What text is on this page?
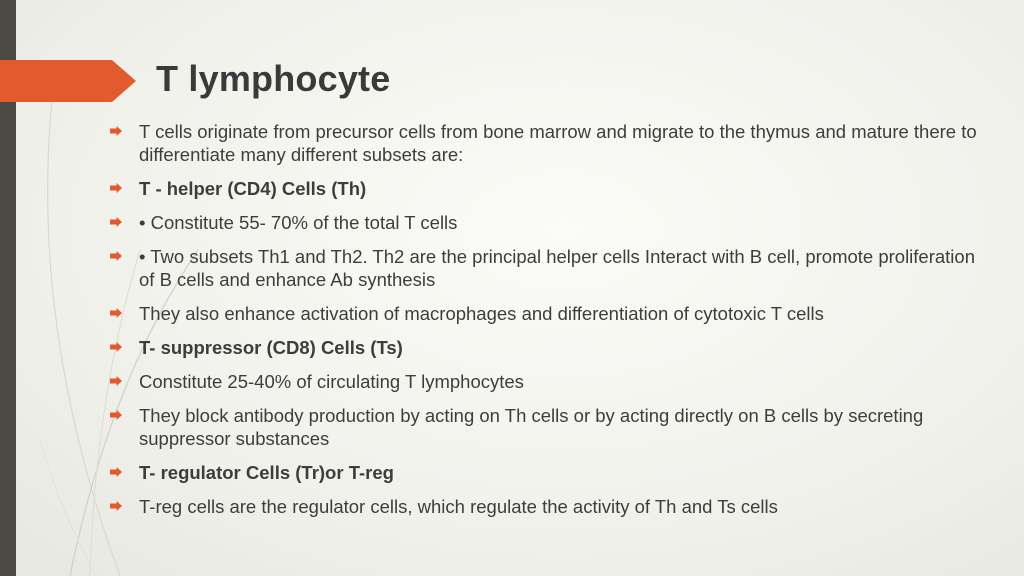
T lymphocyte
T cells originate from precursor cells from bone marrow and migrate to the thymus and mature there to differentiate many different subsets are:
T - helper (CD4) Cells (Th)
• Constitute 55- 70% of the total T cells
• Two subsets Th1 and Th2. Th2 are the principal helper cells Interact with B cell, promote proliferation of B cells and enhance Ab synthesis
They also enhance activation of macrophages and differentiation of cytotoxic T cells
T- suppressor (CD8) Cells (Ts)
Constitute 25-40% of circulating T lymphocytes
They block antibody production by acting on Th cells or by acting directly on B cells by secreting suppressor substances
T- regulator Cells (Tr)or T-reg
T-reg cells are the regulator cells, which regulate the activity of Th and Ts cells
